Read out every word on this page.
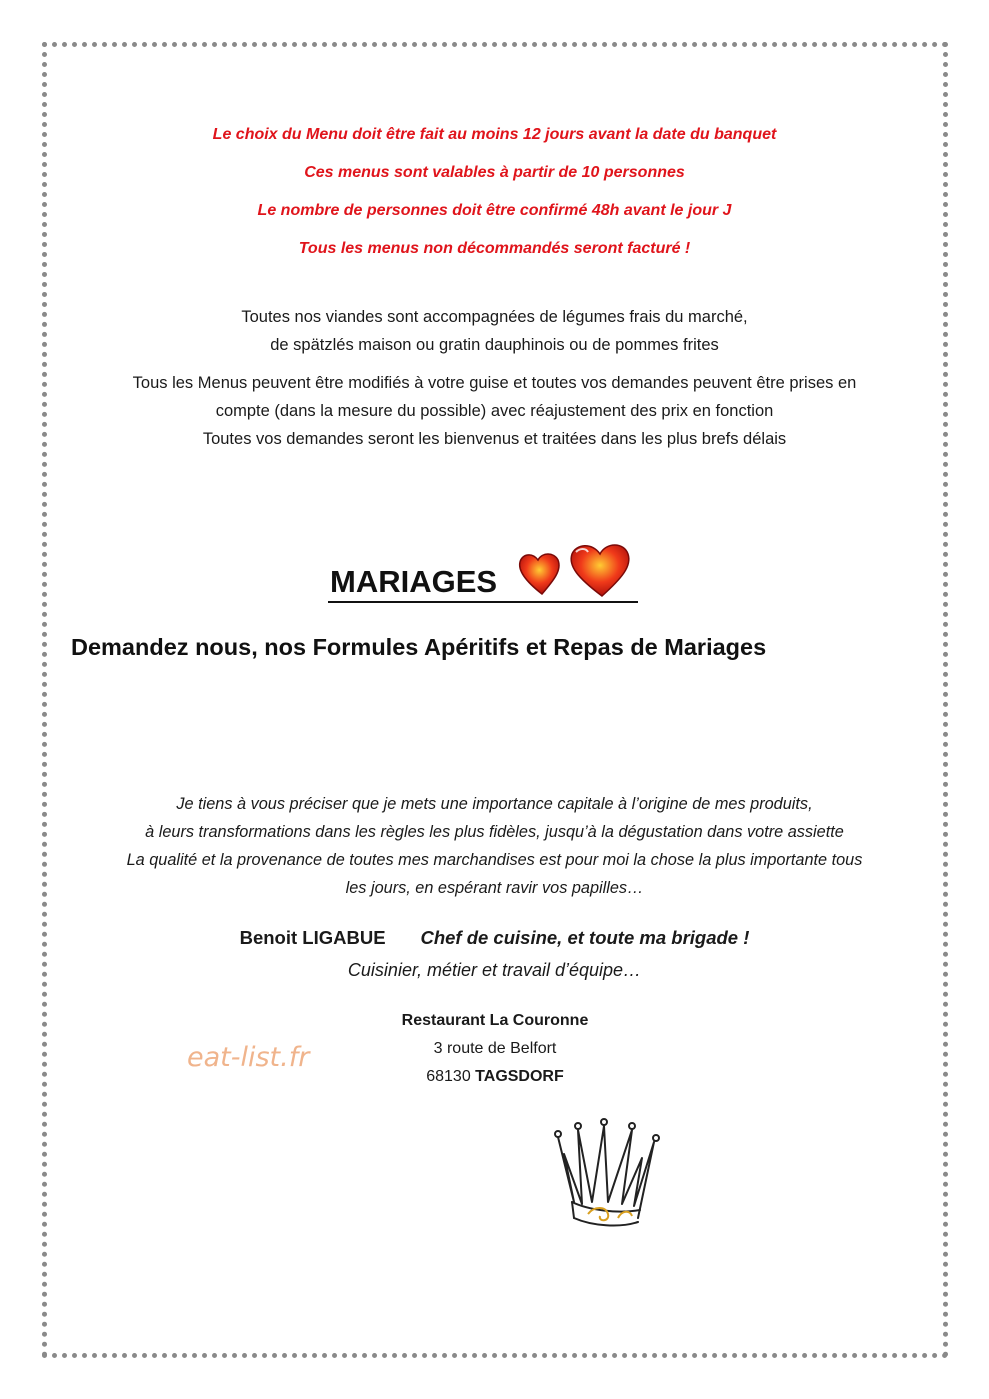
Le choix du Menu doit être fait au moins 12 jours avant la date du banquet
Ces menus sont valables à partir de 10 personnes
Le nombre de personnes doit être confirmé 48h avant le jour J
Tous les menus non décommandés seront facturé !
Toutes nos viandes sont accompagnées de légumes frais du marché,
de spätzlés maison ou gratin dauphinois ou de pommes frites
Tous les Menus peuvent être modifiés à votre guise et toutes vos demandes peuvent être prises en
compte (dans la mesure du possible) avec réajustement des prix en fonction
Toutes vos demandes seront les bienvenus et traitées dans les plus brefs délais
MARIAGES
Demandez nous, nos Formules Apéritifs et Repas de Mariages
Je tiens à vous préciser que je mets une importance capitale à l’origine de mes produits,
à leurs transformations dans les règles les plus fidèles, jusqu’à la dégustation dans votre assiette
La qualité et la provenance de toutes mes marchandises est pour moi la chose la plus importante tous
les jours, en espérant ravir vos papilles…
Benoit LIGABUE Chef de cuisine, et toute ma brigade !
Cuisinier, métier et travail d’équipe…
Restaurant La Couronne
3 route de Belfort
68130 TAGSDORF
eat-list.fr
